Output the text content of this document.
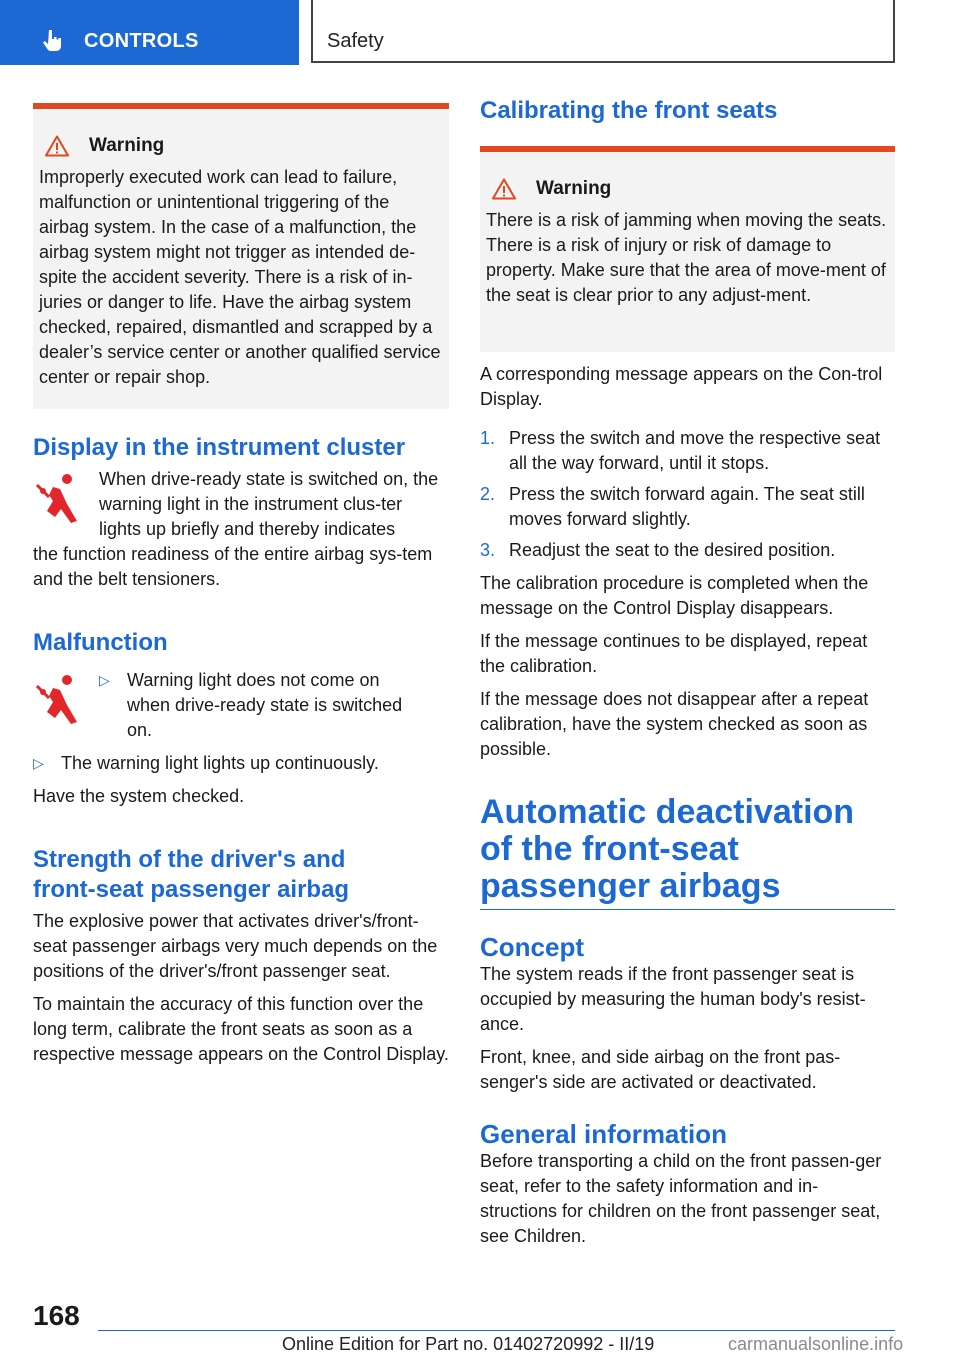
CONTROLS	Safety
Warning

Improperly executed work can lead to failure, malfunction or unintentional triggering of the airbag system. In the case of a malfunction, the airbag system might not trigger as intended de-spite the accident severity. There is a risk of in-juries or danger to life. Have the airbag system checked, repaired, dismantled and scrapped by a dealer’s service center or another qualified service center or repair shop.

Display in the instrument cluster
When drive-ready state is switched on, the warning light in the instrument clus-ter lights up briefly and thereby indicates

the function readiness of the entire airbag sys-tem and the belt tensioners.

Malfunction
▷ Warning light does not come on when drive-ready state is switched on.
▷ The warning light lights up continuously.

Have the system checked.

Strength of the driver's and front-seat passenger airbag

The explosive power that activates driver's/front-seat passenger airbags very much depends on the positions of the driver's/front passenger seat.

To maintain the accuracy of this function over the long term, calibrate the front seats as soon as a respective message appears on the Control Display.

Calibrating the front seats
Warning

There is a risk of jamming when moving the seats. There is a risk of injury or risk of damage to property. Make sure that the area of move-ment of the seat is clear prior to any adjust-ment.

A corresponding message appears on the Con-trol Display.

1. Press the switch and move the respective seat all the way forward, until it stops.
2. Press the switch forward again. The seat still moves forward slightly.
3. Readjust the seat to the desired position.

The calibration procedure is completed when the message on the Control Display disappears.

If the message continues to be displayed, repeat the calibration.

If the message does not disappear after a repeat calibration, have the system checked as soon as possible.

Automatic deactivation of the front-seat passenger airbags
Concept

The system reads if the front passenger seat is occupied by measuring the human body's resist-ance.

Front, knee, and side airbag on the front pas-senger's side are activated or deactivated.

General information

Before transporting a child on the front passen-ger seat, refer to the safety information and in-structions for children on the front passenger seat, see Children.

168
Online Edition for Part no. 01402720992 - II/19	carmanualsonline.info
